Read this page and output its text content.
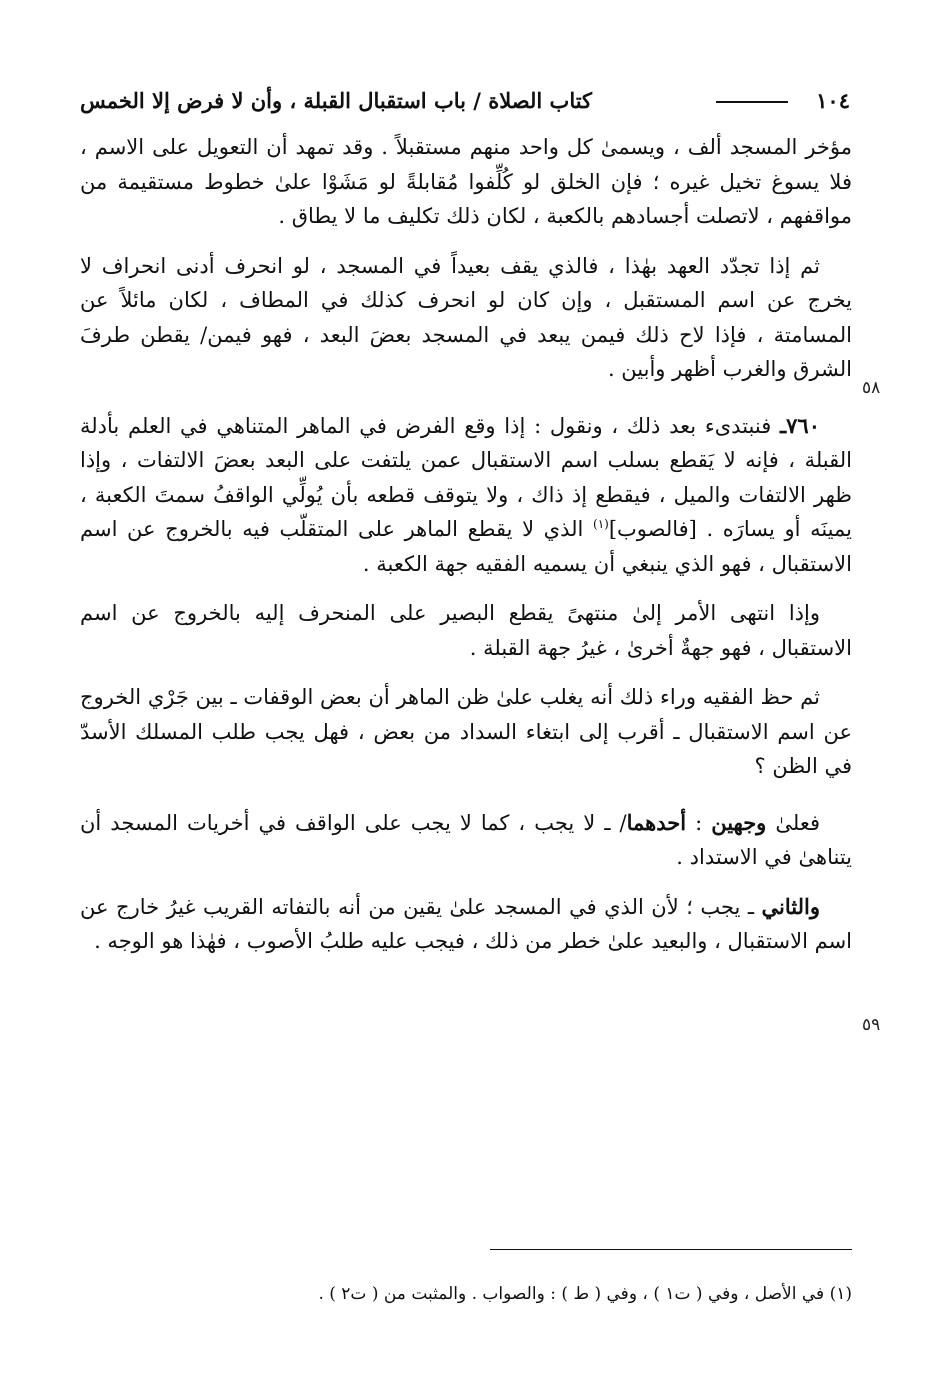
١٠٤
كتاب الصلاة / باب استقبال القبلة ، وأن لا فرض إلا الخمس

مؤخر المسجد ألف ، ويسمىٰ كل واحد منهم مستقبلاً . وقد تمهد أن التعويل على الاسم ، فلا يسوغ تخيل غيره ؛ فإن الخلق لو كُلِّفوا مُقابلةً لو مَشَوْا علىٰ خطوط مستقيمة من مواقفهم ، لاتصلت أجسادهم بالكعبة ، لكان ذلك تكليف ما لا يطاق .

ثم إذا تجدّد العهد بهٰذا ، فالذي يقف بعيداً في المسجد ، لو انحرف أدنى انحراف لا يخرج عن اسم المستقبل ، وإن كان لو انحرف كذلك في المطاف ، لكان مائلاً عن المسامتة ، فإذا لاح ذلك فيمن يبعد في المسجد بعضَ البعد ، فهو فيمن/ يقطن طرفَ الشرق والغرب أظهر وأبين .

٧٦٠ـ فنبتدىء بعد ذلك ، ونقول : إذا وقع الفرض في الماهر المتناهي في العلم بأدلة القبلة ، فإنه لا يَقطع بسلب اسم الاستقبال عمن يلتفت على البعد بعضَ الالتفات ، وإذا ظهر الالتفات والميل ، فيقطع إذ ذاك ، ولا يتوقف قطعه بأن يُولِّي الواقفُ سمتَ الكعبة ، يمينَه أو يسارَه . [فالصوب]$^{(١)}$ الذي لا يقطع الماهر على المتقلّب فيه بالخروج عن اسم الاستقبال ، فهو الذي ينبغي أن يسميه الفقيه جهة الكعبة .

وإذا انتهى الأمر إلىٰ منتهىً يقطع البصير على المنحرف إليه بالخروج عن اسم الاستقبال ، فهو جهةٌ أخرىٰ ، غيرُ جهة القبلة .

ثم حظ الفقيه وراء ذلك أنه يغلب علىٰ ظن الماهر أن بعض الوقفات ـ بين جَرْي الخروج عن اسم الاستقبال ـ أقرب إلى ابتغاء السداد من بعض ، فهل يجب طلب المسلك الأسدّ في الظن ؟

فعلىٰ وجهين : أحدهما/ ـ لا يجب ، كما لا يجب على الواقف في أخريات المسجد أن يتناهىٰ في الاستداد .

والثاني ـ يجب ؛ لأن الذي في المسجد علىٰ يقين من أنه بالتفاته القريب غيرُ خارج عن اسم الاستقبال ، والبعيد علىٰ خطر من ذلك ، فيجب عليه طلبُ الأصوب ، فهٰذا هو الوجه .

٥٨
٥٩
(١) في الأصل ، وفي ( ت١ ) ، وفي ( ط ) : والصواب . والمثبت من ( ت٢ ) .
